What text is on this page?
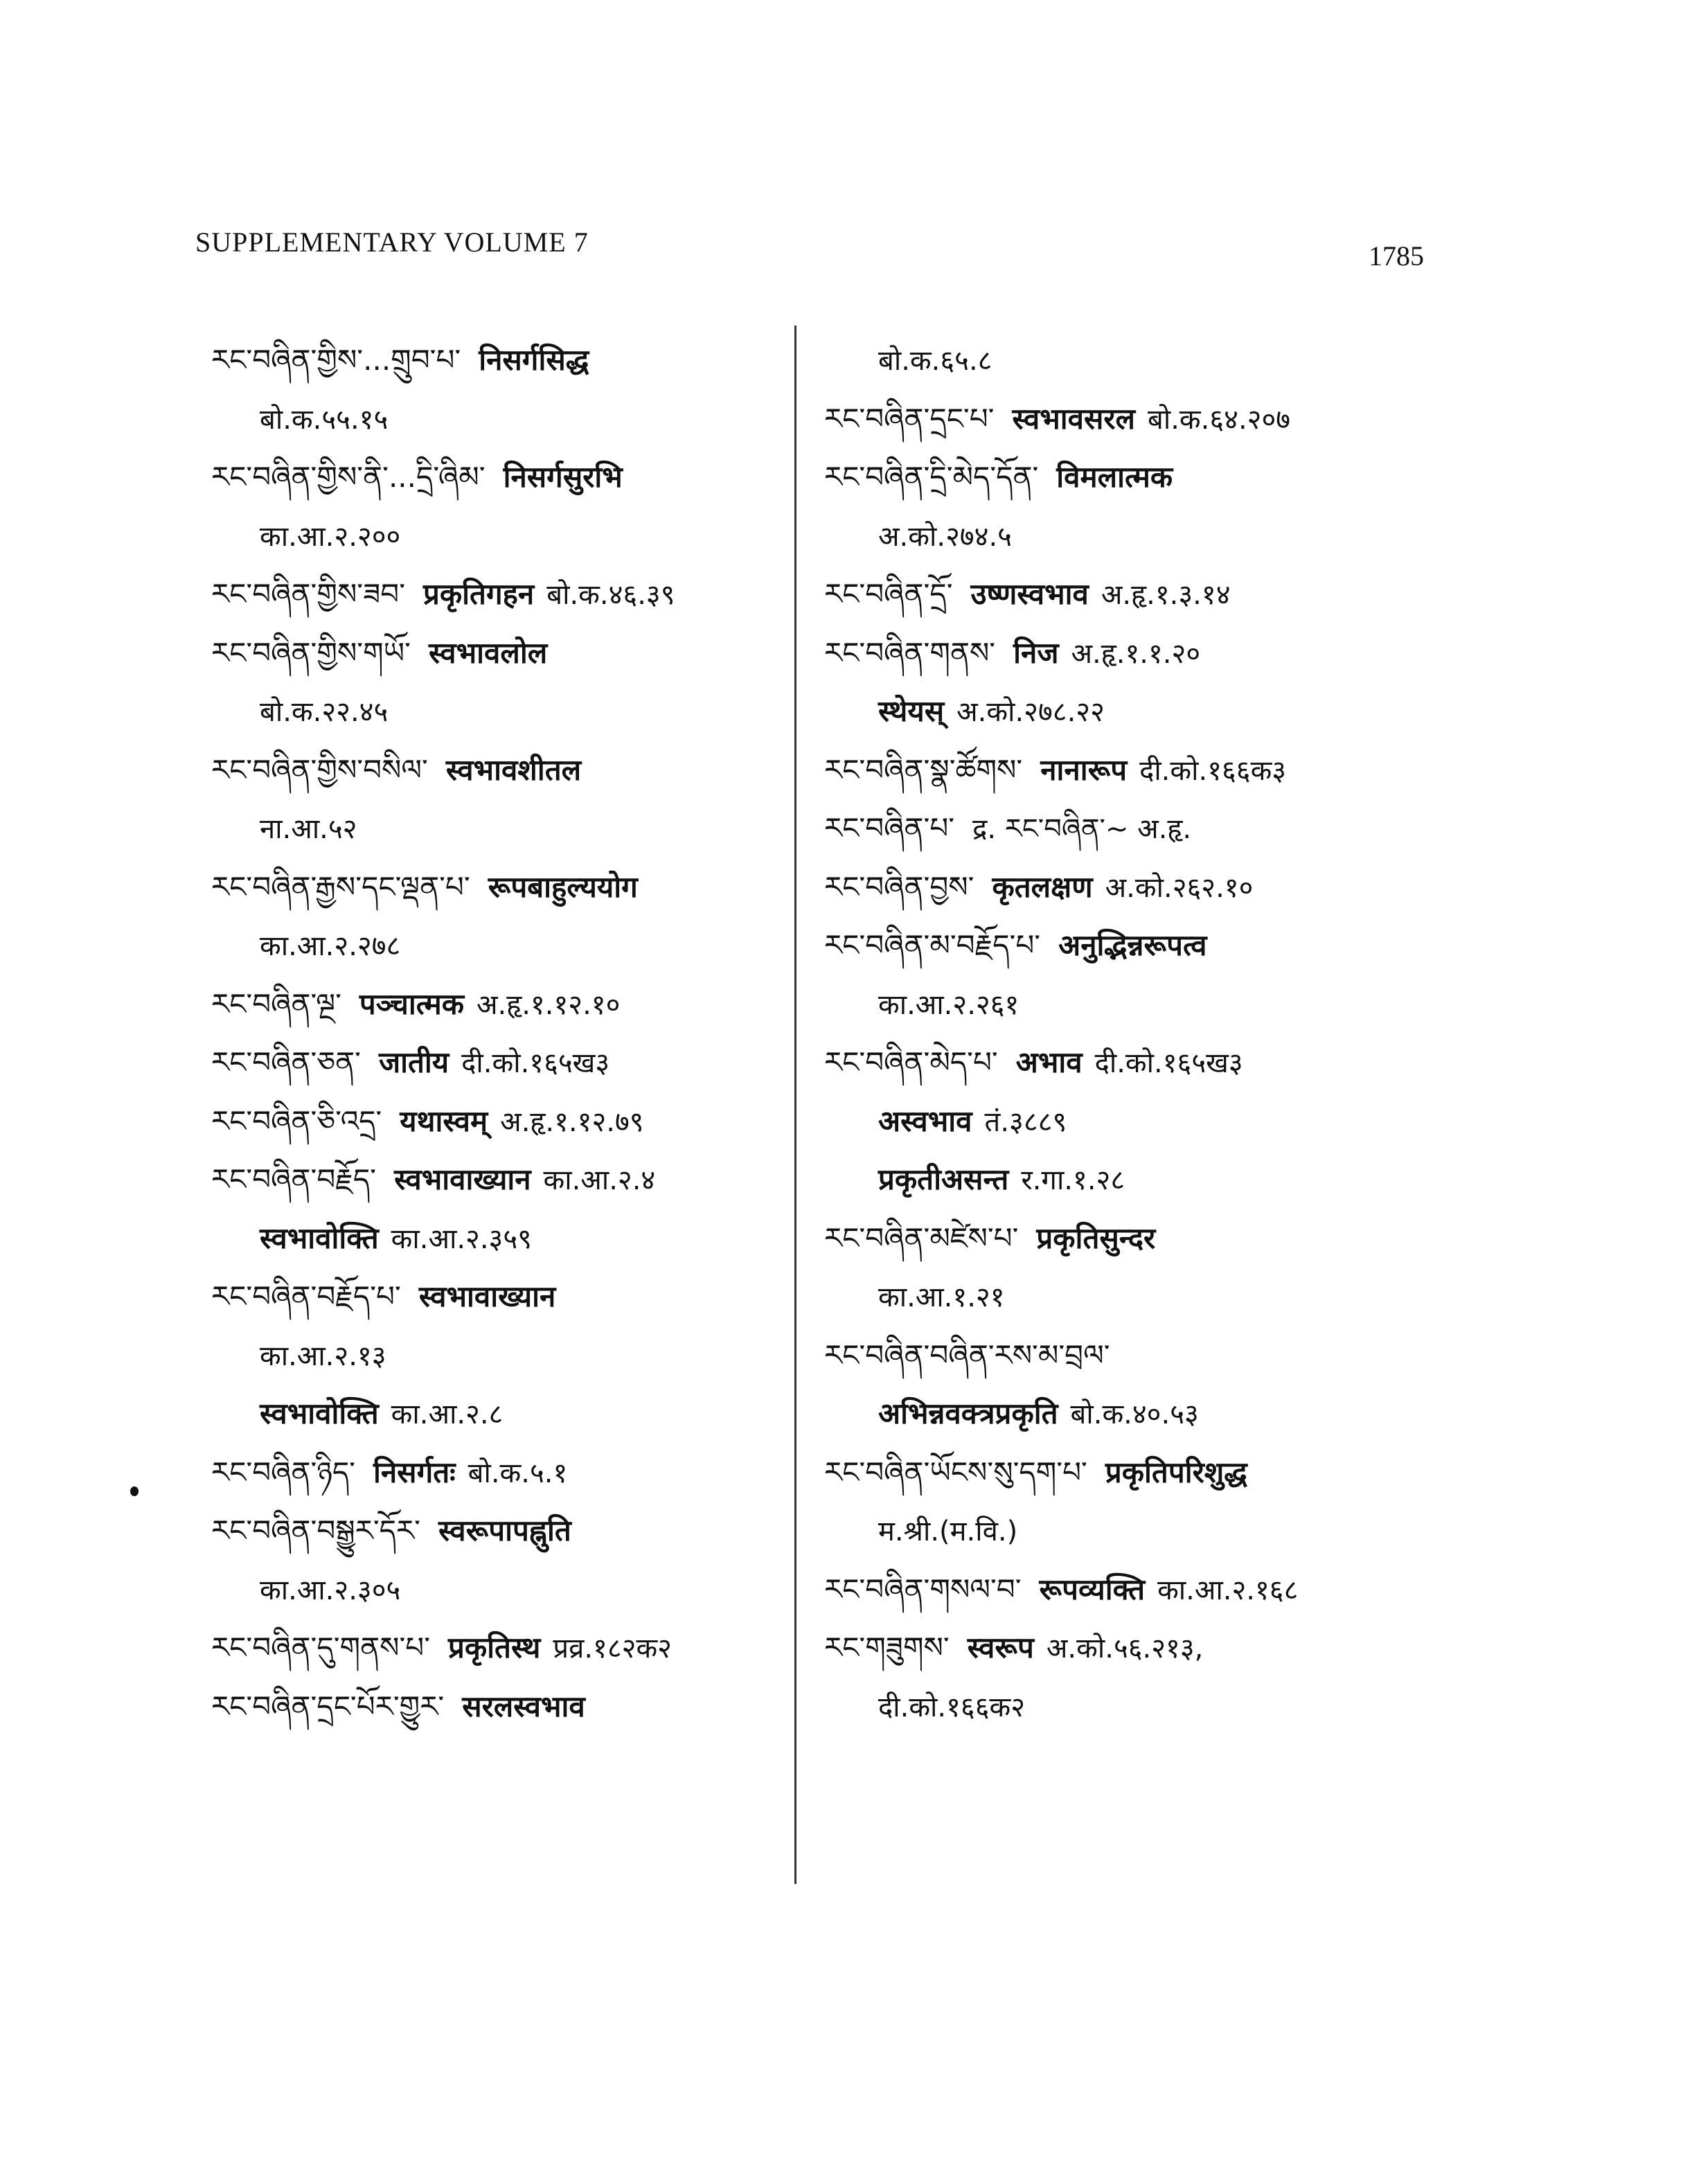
SUPPLEMENTARY VOLUME 7	1785
རང་བཞིན་གྱིས་...གྲུབ་པ་ निसर्गसिद्ध
बो.क.५५.१५
རང་བཞིན་གྱིས་ནི་...དྲི་ཞིམ་ निसर्गसुरभि
का.आ.२.२००
རང་བཞིན་གྱིས་ཟབ་ प्रकृतिगहन बो.क.४६.३९
རང་བཞིན་གྱིས་གཡོ་ स्वभावलोल
बो.क.२२.४५
རང་བཞིན་གྱིས་བསིལ་ स्वभावशीतल
ना.आ.५२
རང་བཞིན་རྒྱས་དང་ལྡན་པ་ रूपबाहुल्ययोग
का.आ.२.२७८
རང་བཞིན་ལྔ་ पञ्चात्मक अ.हृ.१.१२.१०
རང་བཞིན་ཅན་ जातीय दी.को.१६५ख३
རང་བཞིན་ཅི་འདྲ་ यथास्वम् अ.हृ.१.१२.७९
རང་བཞིན་བརྗོད་ स्वभावाख्यान का.आ.२.४
स्वभावोक्ति का.आ.२.३५९
རང་བཞིན་བརྗོད་པ་ स्वभावाख्यान
का.आ.२.१३
स्वभावोक्ति का.आ.२.८
རང་བཞིན་ཉིད་ निसर्गतः बो.क.५.१
རང་བཞིན་བསྒྱུར་དོར་ स्वरूपापह्नुति
का.आ.२.३०५
རང་བཞིན་དུ་གནས་པ་ प्रकृतिस्थ प्रव्र.१८२क२
རང་བཞིན་དྲང་པོར་གྱུར་ सरलस्वभाव
बो.क.६५.८
རང་བཞིན་དྲང་པ་ स्वभावसरल बो.क.६४.२०७
རང་བཞིན་དྲི་མེད་དོན་ विमलात्मक
अ.को.२७४.५
རང་བཞིན་དྲོ་ उष्णस्वभाव अ.हृ.१.३.१४
རང་བཞིན་གནས་ निज अ.हृ.१.१.२०
स्थेयस् अ.को.२७८.२२
རང་བཞིན་སྣ་ཚོགས་ नानारूप दी.को.१६६क३
རང་བཞིན་པ་ द्र. རང་བཞིན་~ अ.हृ.
རང་བཞིན་བྱས་ कृतलक्षण अ.को.२६२.१०
རང་བཞིན་མ་བརྗོད་པ་ अनुद्भिन्नरूपत्व
का.आ.२.२६१
རང་བཞིན་མེད་པ་ अभाव दी.को.१६५ख३
अस्वभाव तं.३८८९
प्रकृतीअसन्त र.गा.१.२८
རང་བཞིན་མཛེས་པ་ प्रकृतिसुन्दर
का.आ.१.२१
རང་བཞིན་བཞིན་རས་མ་བྲལ་
अभिन्नवक्त्रप्रकृति बो.क.४०.५३
རང་བཞིན་ཡོངས་སུ་དག་པ་ प्रकृतिपरिशुद्ध
म.श्री.(म.वि.)
རང་བཞིན་གསལ་བ་ रूपव्यक्ति का.आ.२.१६८
རང་གཟུགས་ स्वरूप अ.को.५६.२१३,
दी.को.१६६क२
